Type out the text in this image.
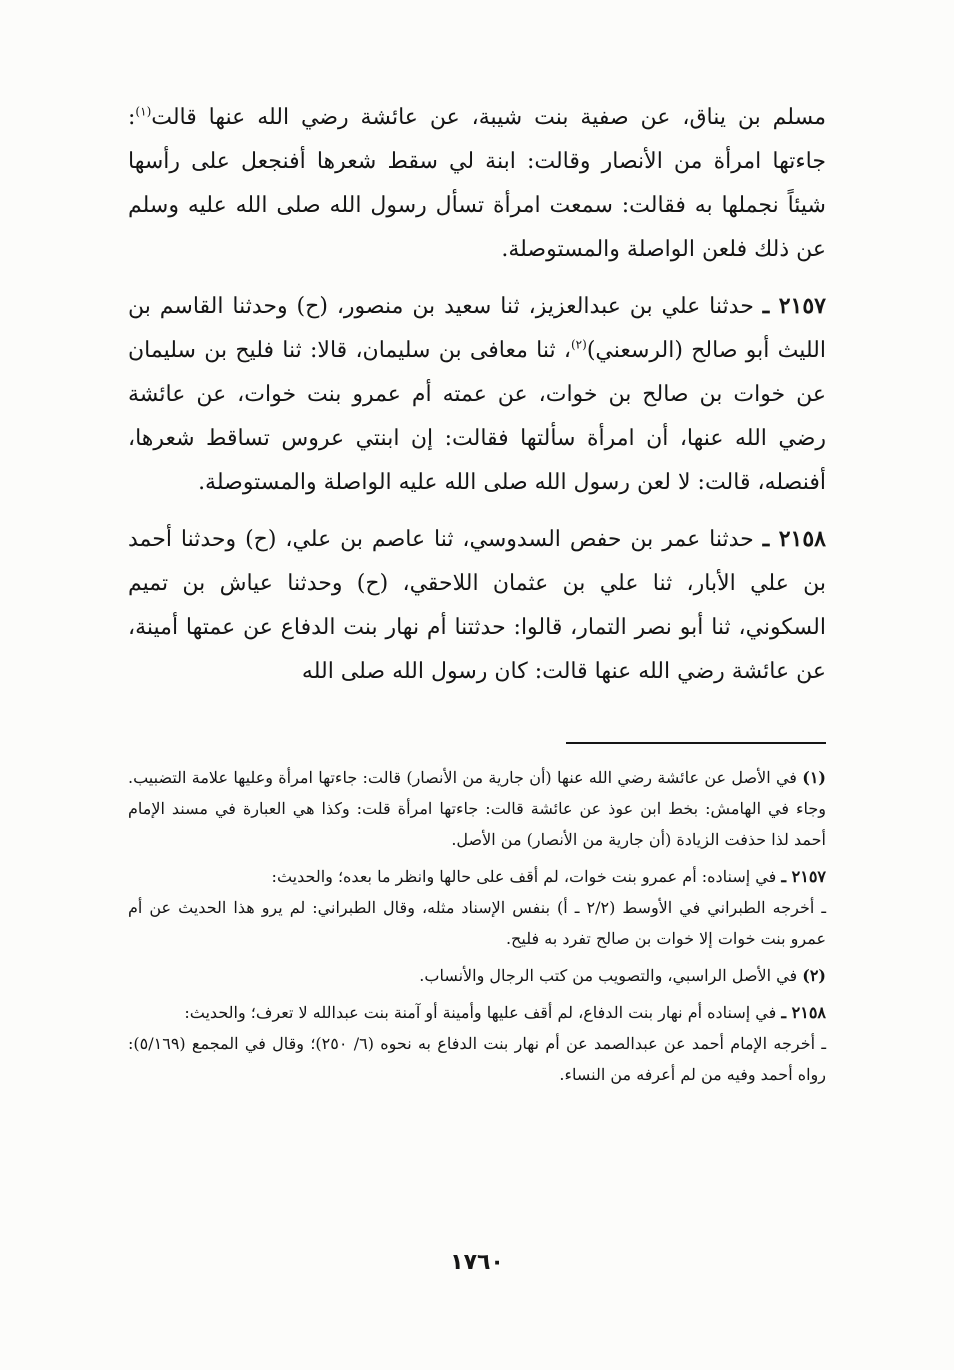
مسلم بن يناق، عن صفية بنت شيبة، عن عائشة رضي الله عنها قالت$^{(١)}$: جاءتها امرأة من الأنصار وقالت: ابنة لي سقط شعرها أفنجعل على رأسها شيئاً نجملها به فقالت: سمعت امرأة تسأل رسول الله صلى الله عليه وسلم عن ذلك فلعن الواصلة والمستوصلة.

٢١٥٧ ـ حدثنا علي بن عبدالعزيز، ثنا سعيد بن منصور، (ح) وحدثنا القاسم بن الليث أبو صالح (الرسعني)$^{(٢)}$، ثنا معافى بن سليمان، قالا: ثنا فليح بن سليمان عن خوات بن صالح بن خوات، عن عمته أم عمرو بنت خوات، عن عائشة رضي الله عنها، أن امرأة سألتها فقالت: إن ابنتي عروس تساقط شعرها، أفنصله، قالت: لا لعن رسول الله صلى الله عليه الواصلة والمستوصلة.

٢١٥٨ ـ حدثنا عمر بن حفص السدوسي، ثنا عاصم بن علي، (ح) وحدثنا أحمد بن علي الأبار، ثنا علي بن عثمان اللاحقي، (ح) وحدثنا عياش بن تميم السكوني، ثنا أبو نصر التمار، قالوا: حدثتنا أم نهار بنت الدفاع عن عمتها أمينة، عن عائشة رضي الله عنها قالت: كان رسول الله صلى الله

(١) في الأصل عن عائشة رضي الله عنها (أن جارية من الأنصار) قالت: جاءتها امرأة وعليها علامة التضبيب. وجاء في الهامش: بخط ابن عوذ عن عائشة قالت: جاءتها امرأة قلت: وكذا هي العبارة في مسند الإمام أحمد لذا حذفت الزيادة (أن جارية من الأنصار) من الأصل.

٢١٥٧ ـ في إسناده: أم عمرو بنت خوات، لم أقف على حالها وانظر ما بعده؛ والحديث:
ـ أخرجه الطبراني في الأوسط (٢/٢ ـ أ) بنفس الإسناد مثله، وقال الطبراني: لم يرو هذا الحديث عن أم عمرو بنت خوات إلا خوات بن صالح تفرد به فليح.

(٢) في الأصل الراسبي، والتصويب من كتب الرجال والأنساب.

٢١٥٨ ـ في إسناده أم نهار بنت الدفاع، لم أقف عليها وأمينة أو آمنة بنت عبدالله لا تعرف؛ والحديث:
ـ أخرجه الإمام أحمد عن عبدالصمد عن أم نهار بنت الدفاع به نحوه (٦/ ٢٥٠)؛ وقال في المجمع (٥/١٦٩): رواه أحمد وفيه من لم أعرفه من النساء.

١٧٦٠
